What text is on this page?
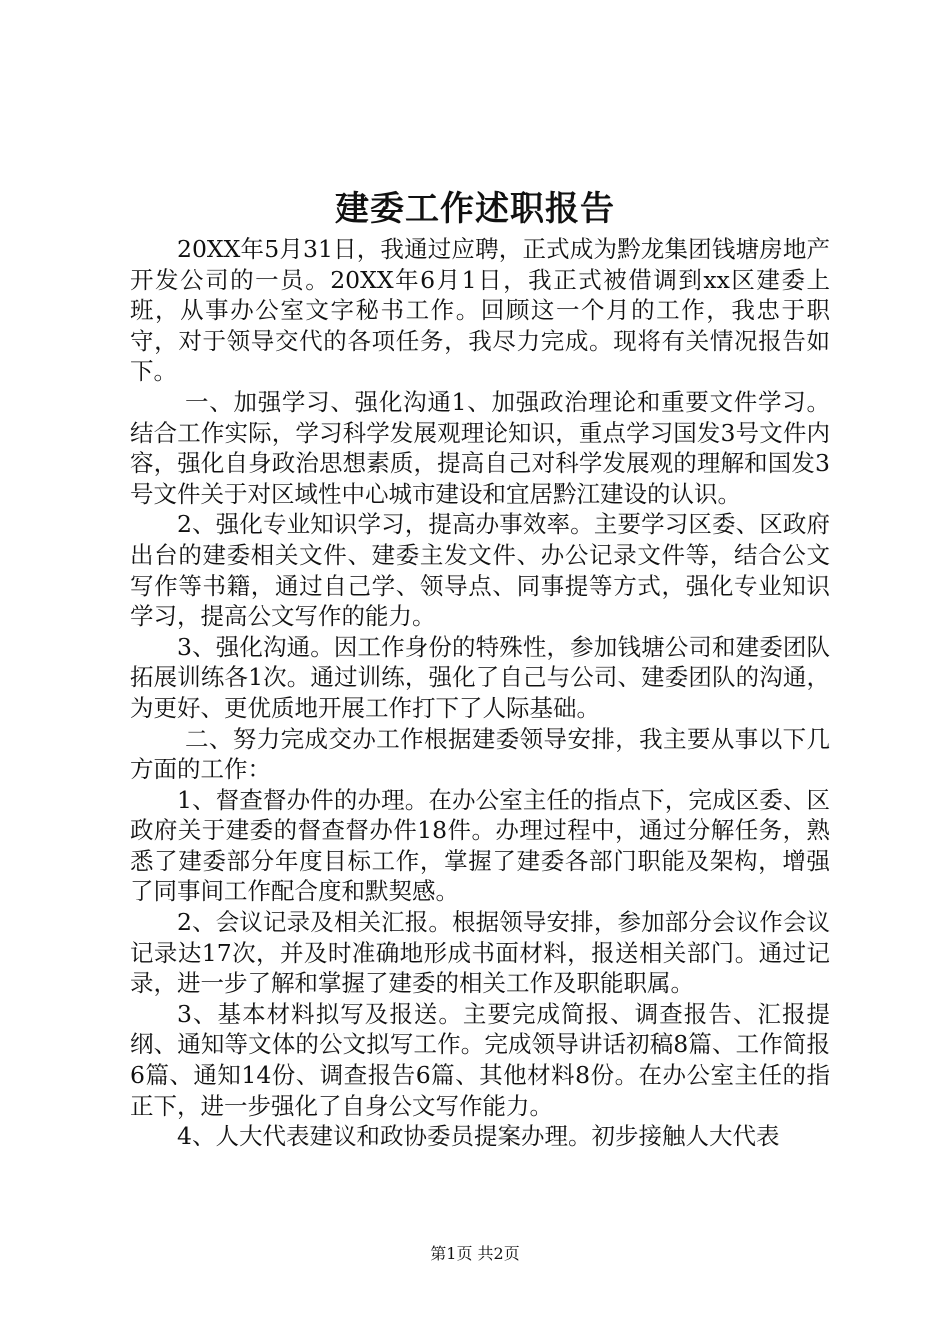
建委工作述职报告

20XX年5月31日，我通过应聘，正式成为黔龙集团钱塘房地产开发公司的一员。20XX年6月1日，我正式被借调到xx区建委上班，从事办公室文字秘书工作。回顾这一个月的工作，我忠于职守，对于领导交代的各项任务，我尽力完成。现将有关情况报告如下。

一、加强学习、强化沟通1、加强政治理论和重要文件学习。结合工作实际，学习科学发展观理论知识，重点学习国发3号文件内容，强化自身政治思想素质，提高自己对科学发展观的理解和国发3号文件关于对区域性中心城市建设和宜居黔江建设的认识。

2、强化专业知识学习，提高办事效率。主要学习区委、区政府出台的建委相关文件、建委主发文件、办公记录文件等，结合公文写作等书籍，通过自己学、领导点、同事提等方式，强化专业知识学习，提高公文写作的能力。

3、强化沟通。因工作身份的特殊性，参加钱塘公司和建委团队拓展训练各1次。通过训练，强化了自己与公司、建委团队的沟通，为更好、更优质地开展工作打下了人际基础。

二、努力完成交办工作根据建委领导安排，我主要从事以下几方面的工作：

1、督查督办件的办理。在办公室主任的指点下，完成区委、区政府关于建委的督查督办件18件。办理过程中，通过分解任务，熟悉了建委部分年度目标工作，掌握了建委各部门职能及架构，增强了同事间工作配合度和默契感。

2、会议记录及相关汇报。根据领导安排，参加部分会议作会议记录达17次，并及时准确地形成书面材料，报送相关部门。通过记录，进一步了解和掌握了建委的相关工作及职能职属。

3、基本材料拟写及报送。主要完成简报、调查报告、汇报提纲、通知等文体的公文拟写工作。完成领导讲话初稿8篇、工作简报6篇、通知14份、调查报告6篇、其他材料8份。在办公室主任的指正下，进一步强化了自身公文写作能力。

4、人大代表建议和政协委员提案办理。初步接触人大代表

第1页 共2页
